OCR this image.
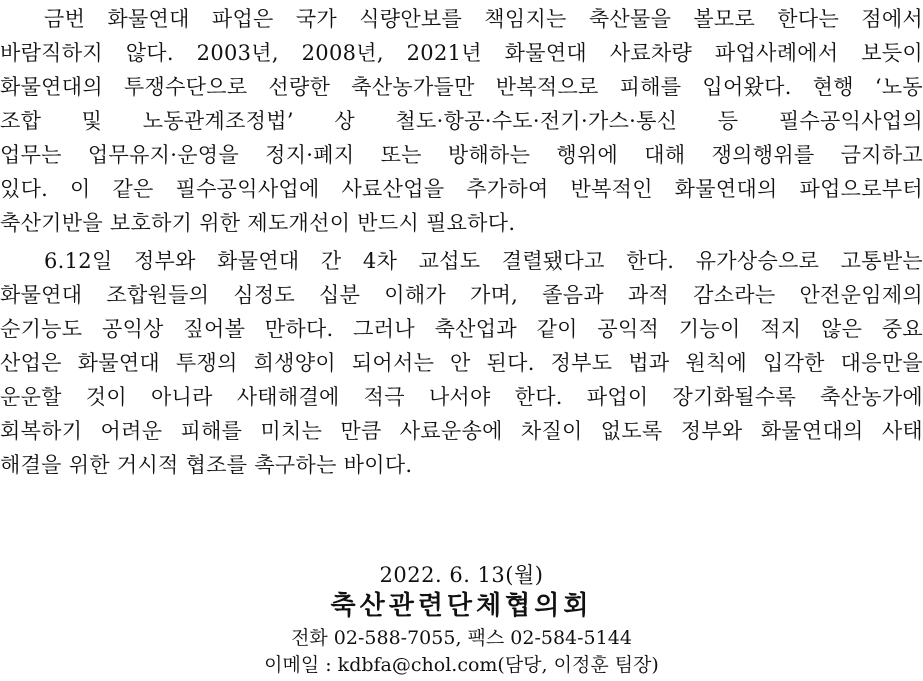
금번 화물연대 파업은 국가 식량안보를 책임지는 축산물을 볼모로 한다는 점에서
바람직하지 않다. 2003년, 2008년, 2021년 화물연대 사료차량 파업사례에서 보듯이
화물연대의 투쟁수단으로 선량한 축산농가들만 반복적으로 피해를 입어왔다. 현행 ‘노동
조합 및 노동관계조정법’ 상 철도·항공·수도·전기·가스·통신 등 필수공익사업의
업무는 업무유지·운영을 정지·폐지 또는 방해하는 행위에 대해 쟁의행위를 금지하고
있다. 이 같은 필수공익사업에 사료산업을 추가하여 반복적인 화물연대의 파업으로부터
축산기반을 보호하기 위한 제도개선이 반드시 필요하다.
6.12일 정부와 화물연대 간 4차 교섭도 결렬됐다고 한다. 유가상승으로 고통받는
화물연대 조합원들의 심정도 십분 이해가 가며, 졸음과 과적 감소라는 안전운임제의
순기능도 공익상 짚어볼 만하다. 그러나 축산업과 같이 공익적 기능이 적지 않은 중요
산업은 화물연대 투쟁의 희생양이 되어서는 안 된다. 정부도 법과 원칙에 입각한 대응만을
운운할 것이 아니라 사태해결에 적극 나서야 한다. 파업이 장기화될수록 축산농가에
회복하기 어려운 피해를 미치는 만큼 사료운송에 차질이 없도록 정부와 화물연대의 사태
해결을 위한 거시적 협조를 촉구하는 바이다.
2022. 6. 13(월)
축산관련단체협의회
전화 02-588-7055, 팩스 02-584-5144
이메일 : kdbfa@chol.com(담당, 이정훈 팀장)
